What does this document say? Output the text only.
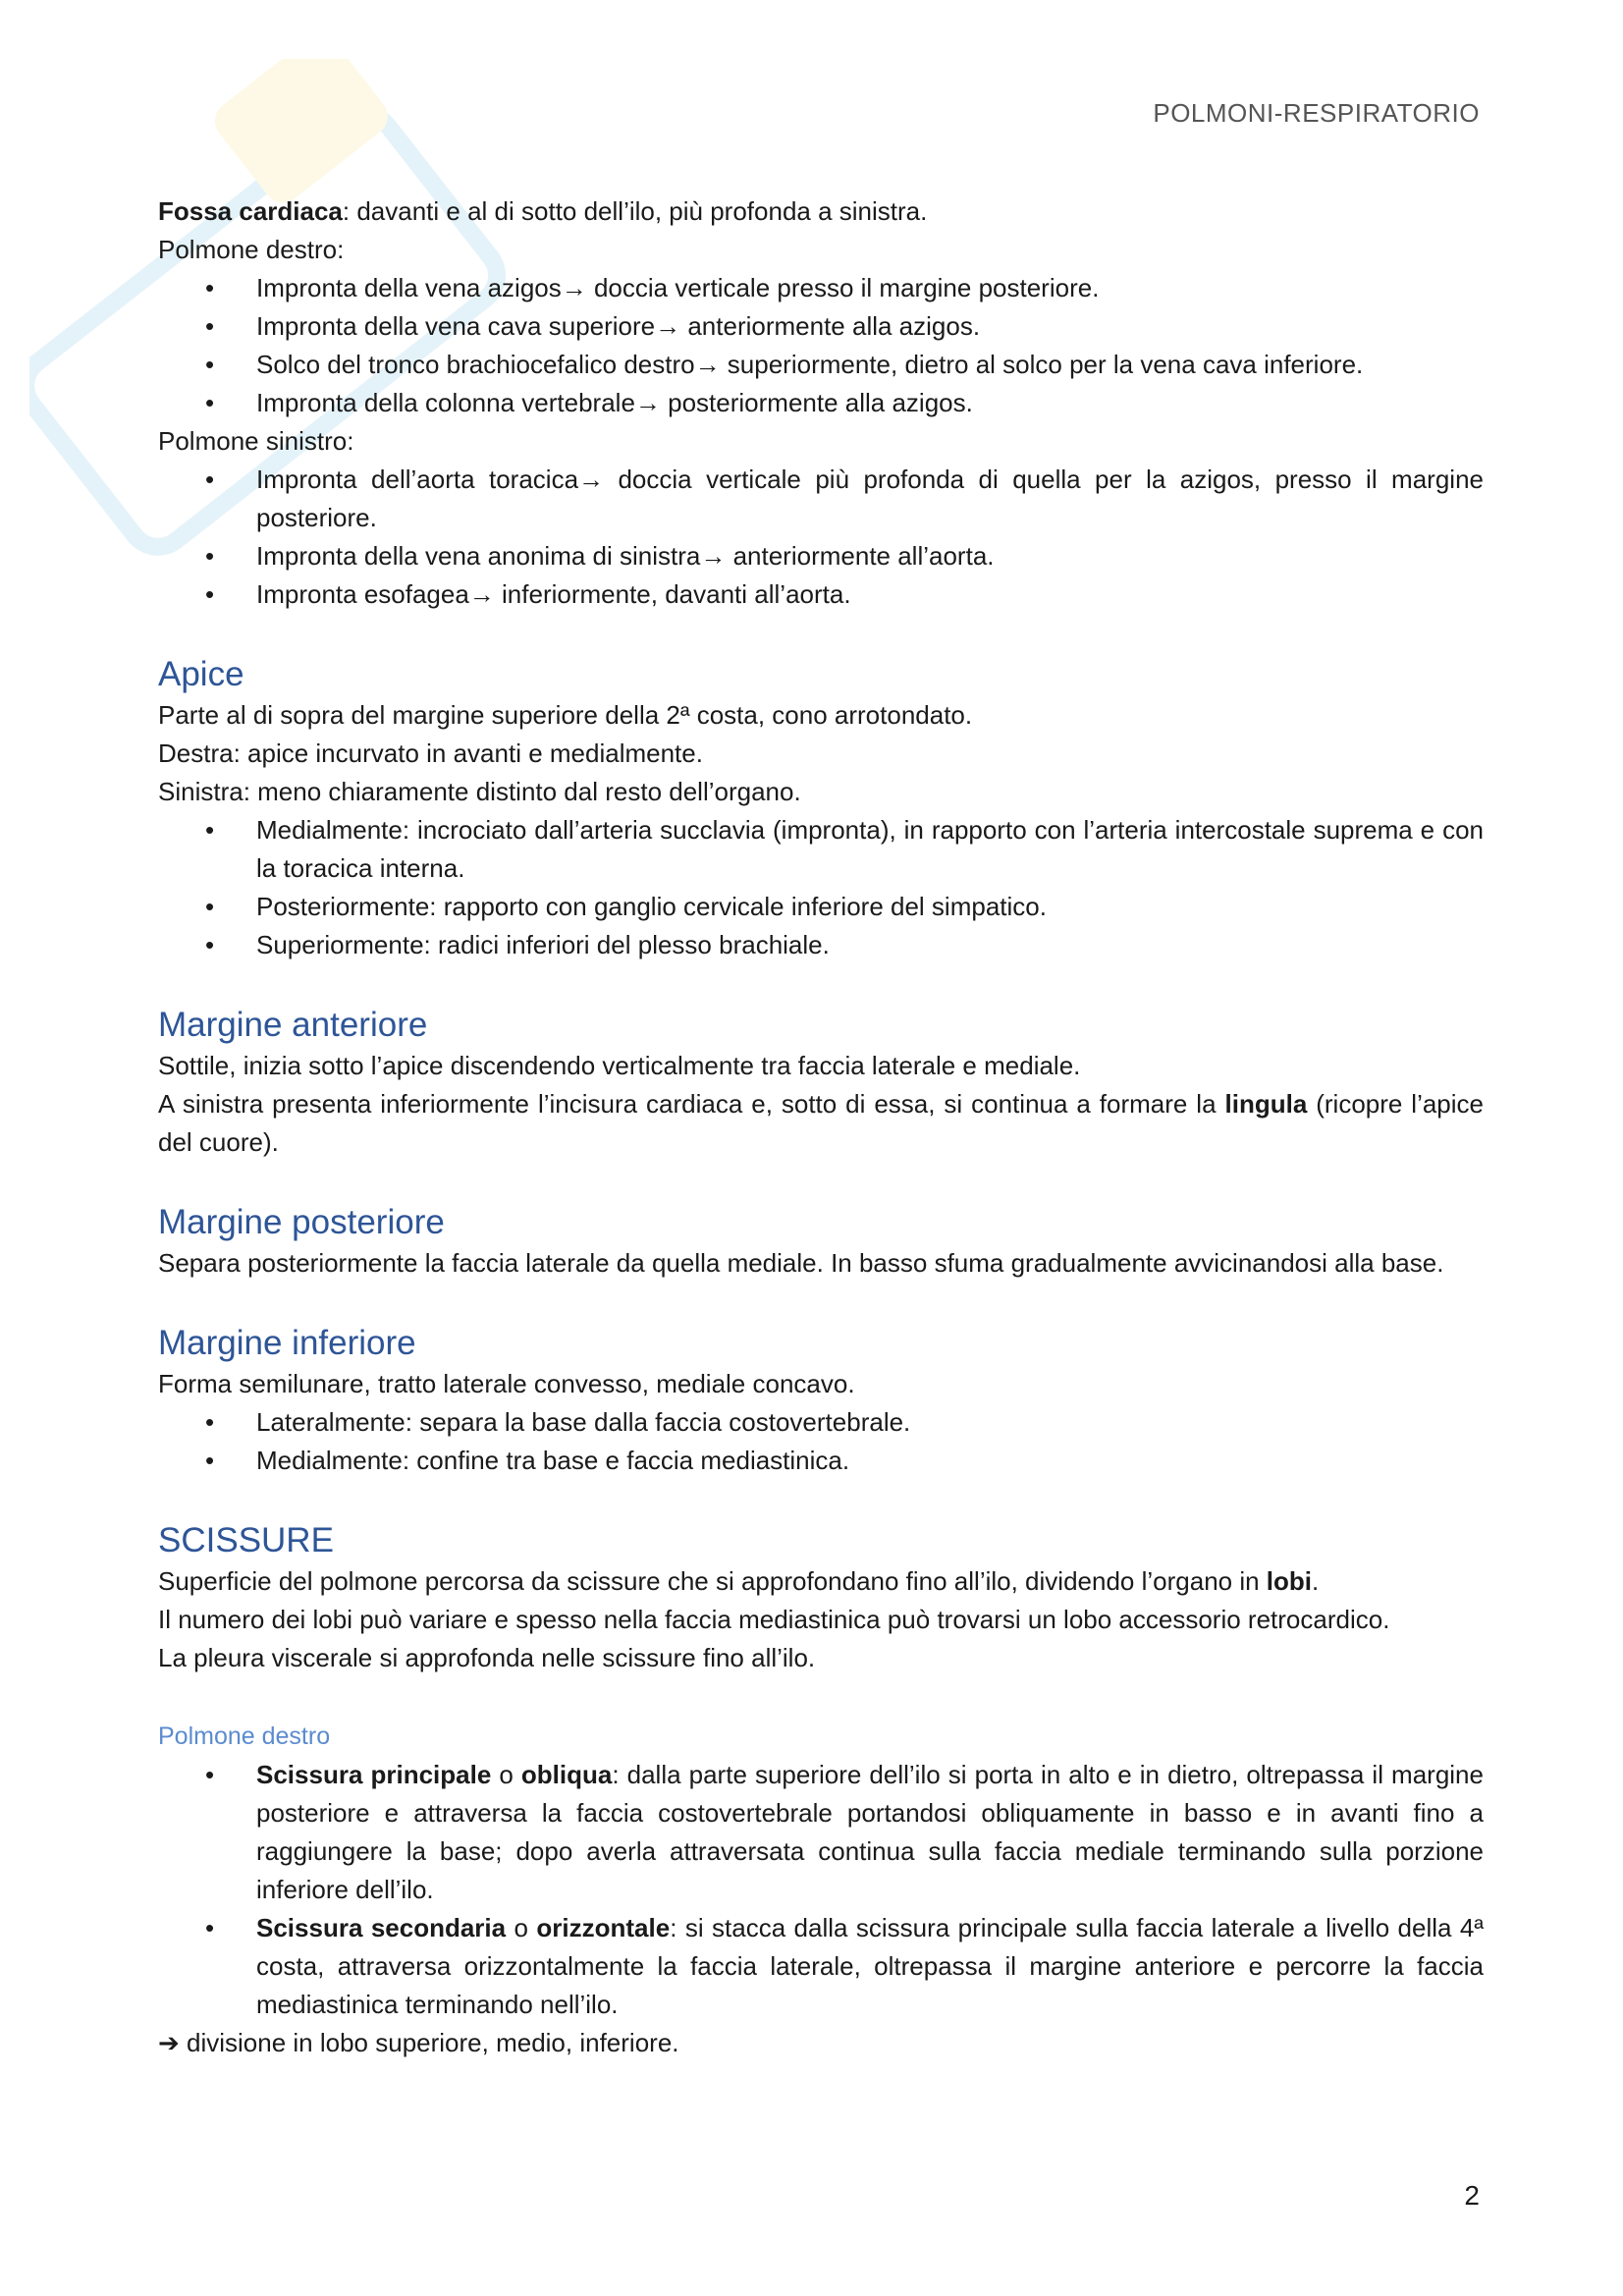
POLMONI-RESPIRATORIO

Fossa cardiaca: davanti e al di sotto dell’ilo, più profonda a sinistra.

Polmone destro:

• Impronta della vena azigos→ doccia verticale presso il margine posteriore.
• Impronta della vena cava superiore→ anteriormente alla azigos.
• Solco del tronco brachiocefalico destro→ superiormente, dietro al solco per la vena cava inferiore.
• Impronta della colonna vertebrale→ posteriormente alla azigos.

Polmone sinistro:

• Impronta dell’aorta toracica→ doccia verticale più profonda di quella per la azigos, presso il margine posteriore.
• Impronta della vena anonima di sinistra→ anteriormente all’aorta.
• Impronta esofagea→ inferiormente, davanti all’aorta.
Apice

Parte al di sopra del margine superiore della 2ª costa, cono arrotondato.

Destra: apice incurvato in avanti e medialmente.

Sinistra: meno chiaramente distinto dal resto dell’organo.

• Medialmente: incrociato dall’arteria succlavia (impronta), in rapporto con l’arteria intercostale suprema e con la toracica interna.
• Posteriormente: rapporto con ganglio cervicale inferiore del simpatico.
• Superiormente: radici inferiori del plesso brachiale.
Margine anteriore

Sottile, inizia sotto l’apice discendendo verticalmente tra faccia laterale e mediale.

A sinistra presenta inferiormente l’incisura cardiaca e, sotto di essa, si continua a formare la lingula (ricopre l’apice del cuore).

Margine posteriore

Separa posteriormente la faccia laterale da quella mediale. In basso sfuma gradualmente avvicinandosi alla base.

Margine inferiore

Forma semilunare, tratto laterale convesso, mediale concavo.

• Lateralmente: separa la base dalla faccia costovertebrale.
• Medialmente: confine tra base e faccia mediastinica.
SCISSURE

Superficie del polmone percorsa da scissure che si approfondano fino all’ilo, dividendo l’organo in lobi.

Il numero dei lobi può variare e spesso nella faccia mediastinica può trovarsi un lobo accessorio retrocardico.

La pleura viscerale si approfonda nelle scissure fino all’ilo.

Polmone destro
• Scissura principale o obliqua: dalla parte superiore dell’ilo si porta in alto e in dietro, oltrepassa il margine posteriore e attraversa la faccia costovertebrale portandosi obliquamente in basso e in avanti fino a raggiungere la base; dopo averla attraversata continua sulla faccia mediale terminando sulla porzione inferiore dell’ilo.
• Scissura secondaria o orizzontale: si stacca dalla scissura principale sulla faccia laterale a livello della 4ª costa, attraversa orizzontalmente la faccia laterale, oltrepassa il margine anteriore e percorre la faccia mediastinica terminando nell’ilo.

➔ divisione in lobo superiore, medio, inferiore.

2
